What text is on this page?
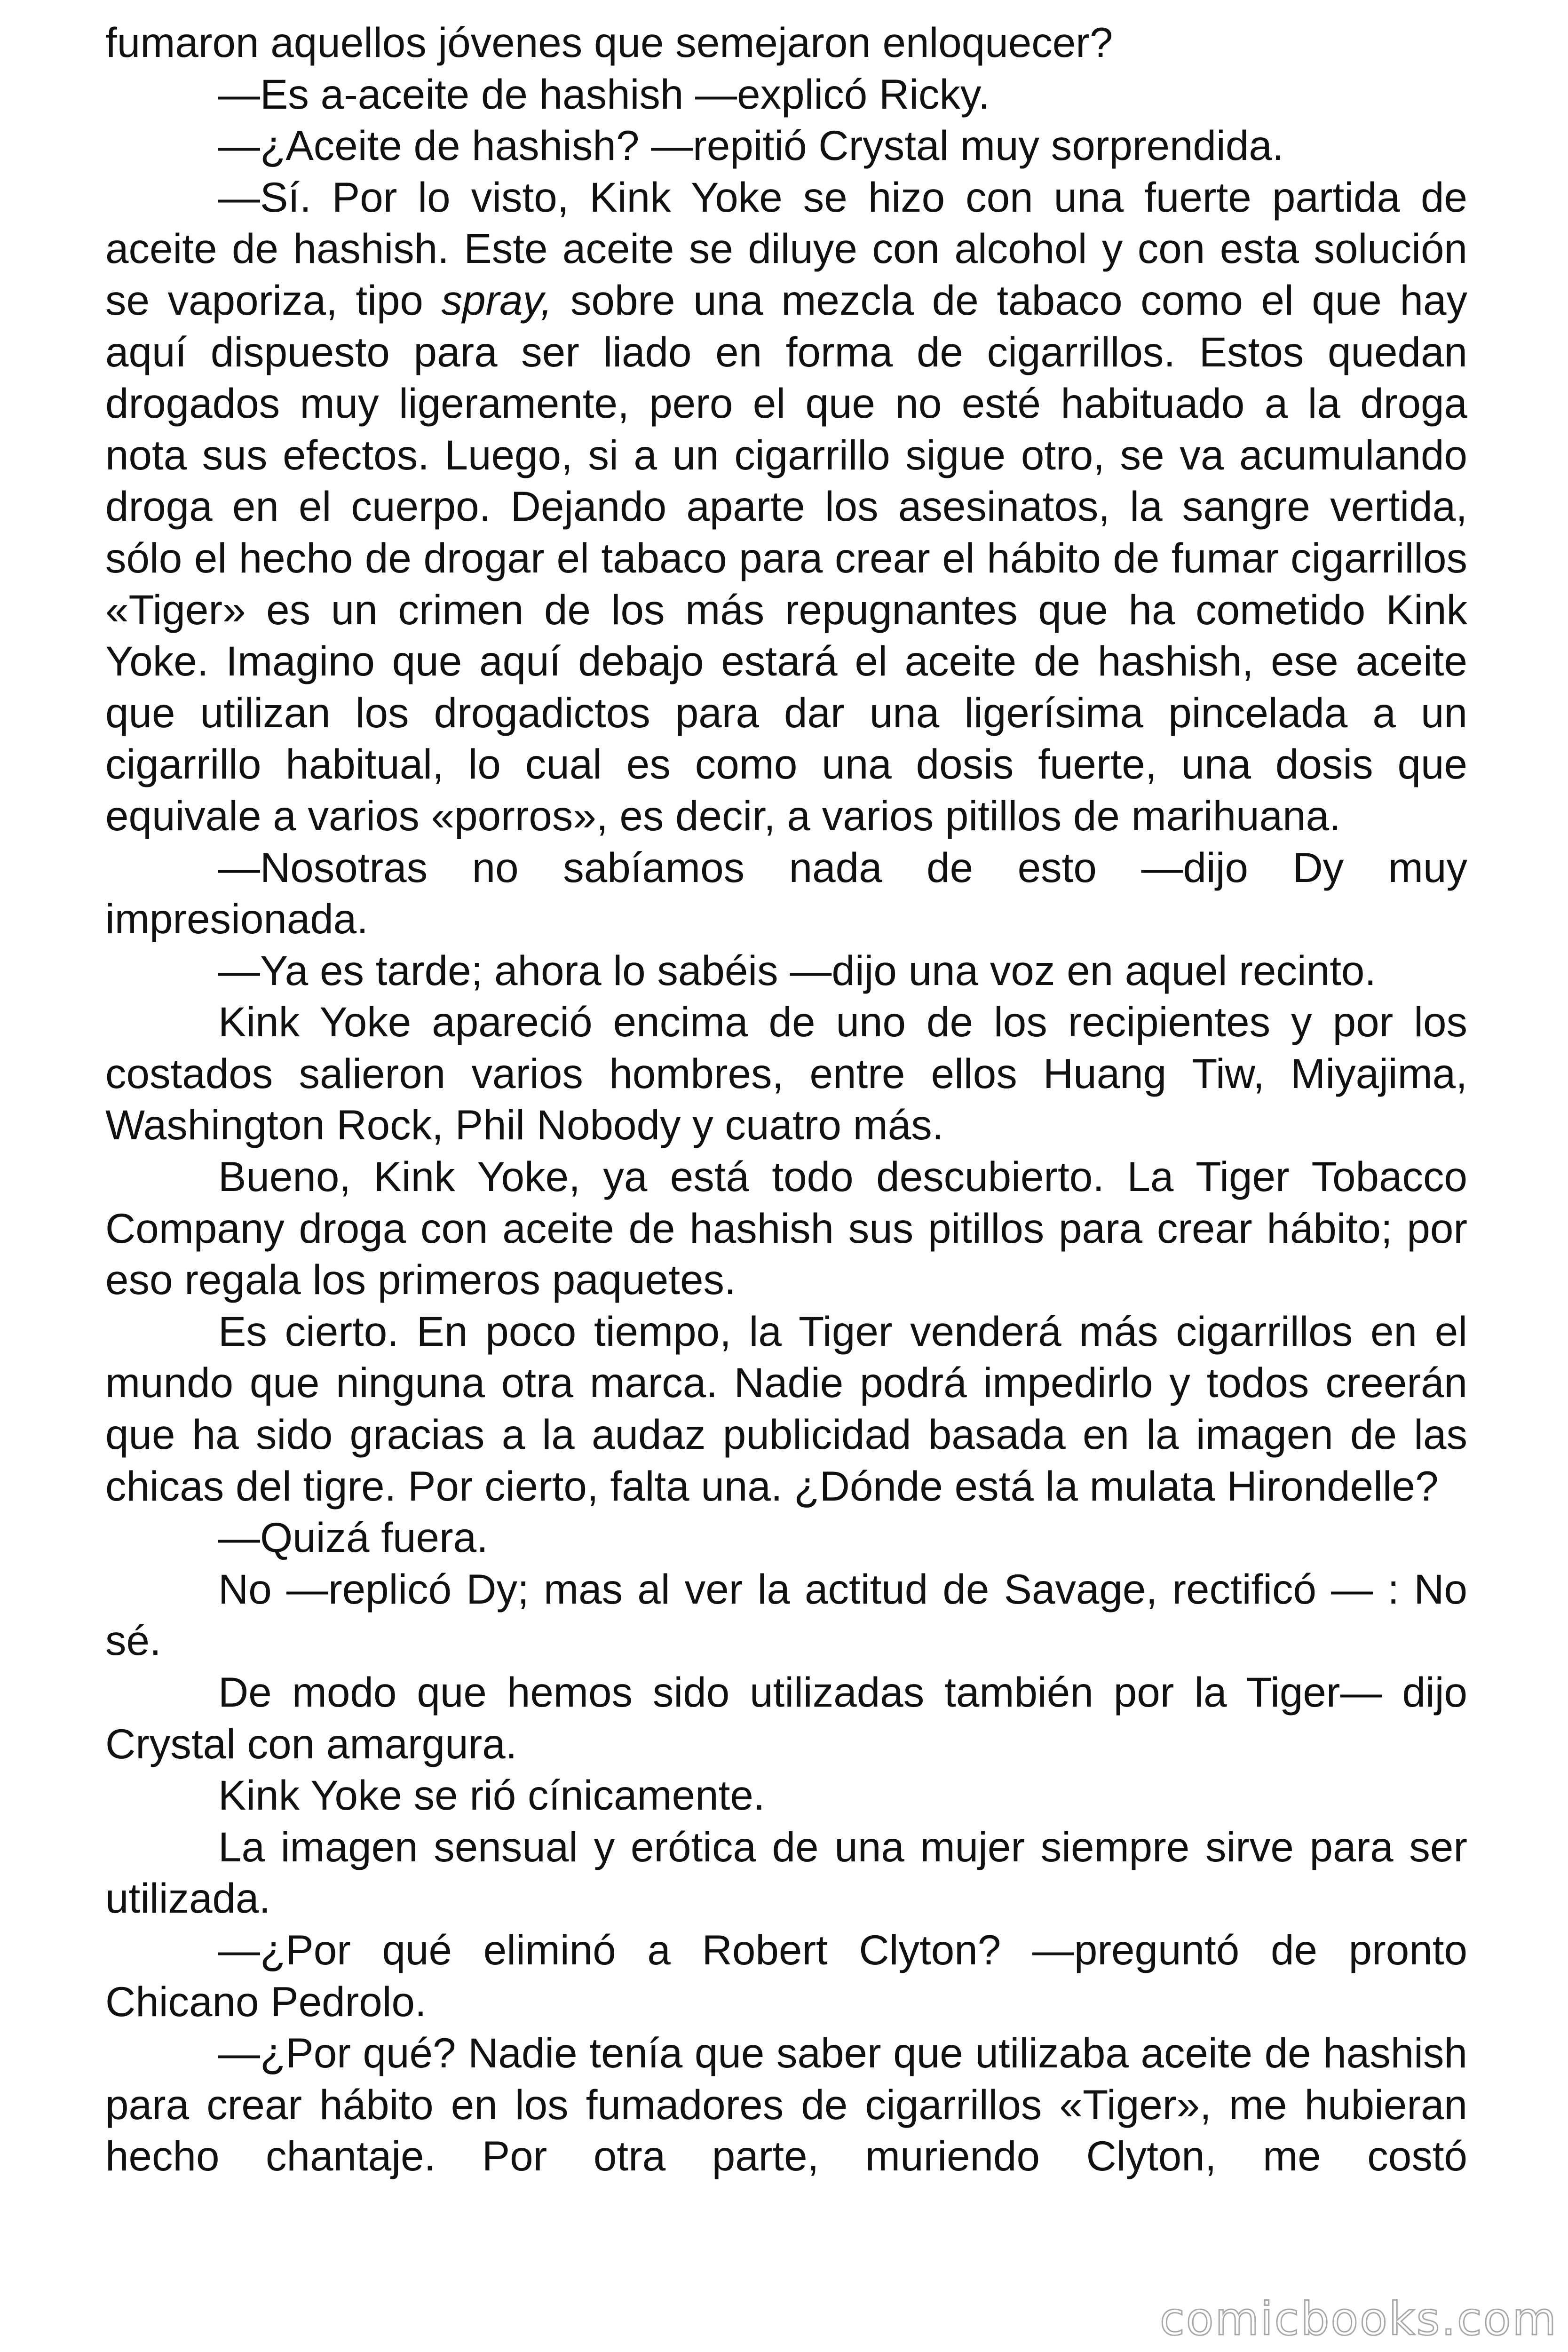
fumaron aquellos jóvenes que semejaron enloquecer?

—Es a-aceite de hashish —explicó Ricky.

—¿Aceite de hashish? —repitió Crystal muy sorprendida.

—Sí. Por lo visto, Kink Yoke se hizo con una fuerte partida de aceite de hashish. Este aceite se diluye con alcohol y con esta solución se vaporiza, tipo spray, sobre una mezcla de tabaco como el que hay aquí dispuesto para ser liado en forma de cigarrillos. Estos quedan drogados muy ligeramente, pero el que no esté habituado a la droga nota sus efectos. Luego, si a un cigarrillo sigue otro, se va acumulando droga en el cuerpo. Dejando aparte los asesinatos, la sangre vertida, sólo el hecho de drogar el tabaco para crear el hábito de fumar cigarrillos «Tiger» es un crimen de los más repugnantes que ha cometido Kink Yoke. Imagino que aquí debajo estará el aceite de hashish, ese aceite que utilizan los drogadictos para dar una ligerísima pincelada a un cigarrillo habitual, lo cual es como una dosis fuerte, una dosis que equivale a varios «porros», es decir, a varios pitillos de marihuana.

—Nosotras no sabíamos nada de esto —dijo Dy muy impresionada.

—Ya es tarde; ahora lo sabéis —dijo una voz en aquel recinto.

Kink Yoke apareció encima de uno de los recipientes y por los costados salieron varios hombres, entre ellos Huang Tiw, Miyajima, Washington Rock, Phil Nobody y cuatro más.

Bueno, Kink Yoke, ya está todo descubierto. La Tiger Tobacco Company droga con aceite de hashish sus pitillos para crear hábito; por eso regala los primeros paquetes.

Es cierto. En poco tiempo, la Tiger venderá más cigarrillos en el mundo que ninguna otra marca. Nadie podrá impedirlo y todos creerán que ha sido gracias a la audaz publicidad basada en la imagen de las chicas del tigre. Por cierto, falta una. ¿Dónde está la mulata Hirondelle?

—Quizá fuera.

No —replicó Dy; mas al ver la actitud de Savage, rectificó — : No sé.

De modo que hemos sido utilizadas también por la Tiger— dijo Crystal con amargura.

Kink Yoke se rió cínicamente.

La imagen sensual y erótica de una mujer siempre sirve para ser utilizada.

—¿Por qué eliminó a Robert Clyton? —preguntó de pronto Chicano Pedrolo.

—¿Por qué? Nadie tenía que saber que utilizaba aceite de hashish para crear hábito en los fumadores de cigarrillos «Tiger», me hubieran hecho chantaje. Por otra parte, muriendo Clyton, me costó

comicbooks.com
